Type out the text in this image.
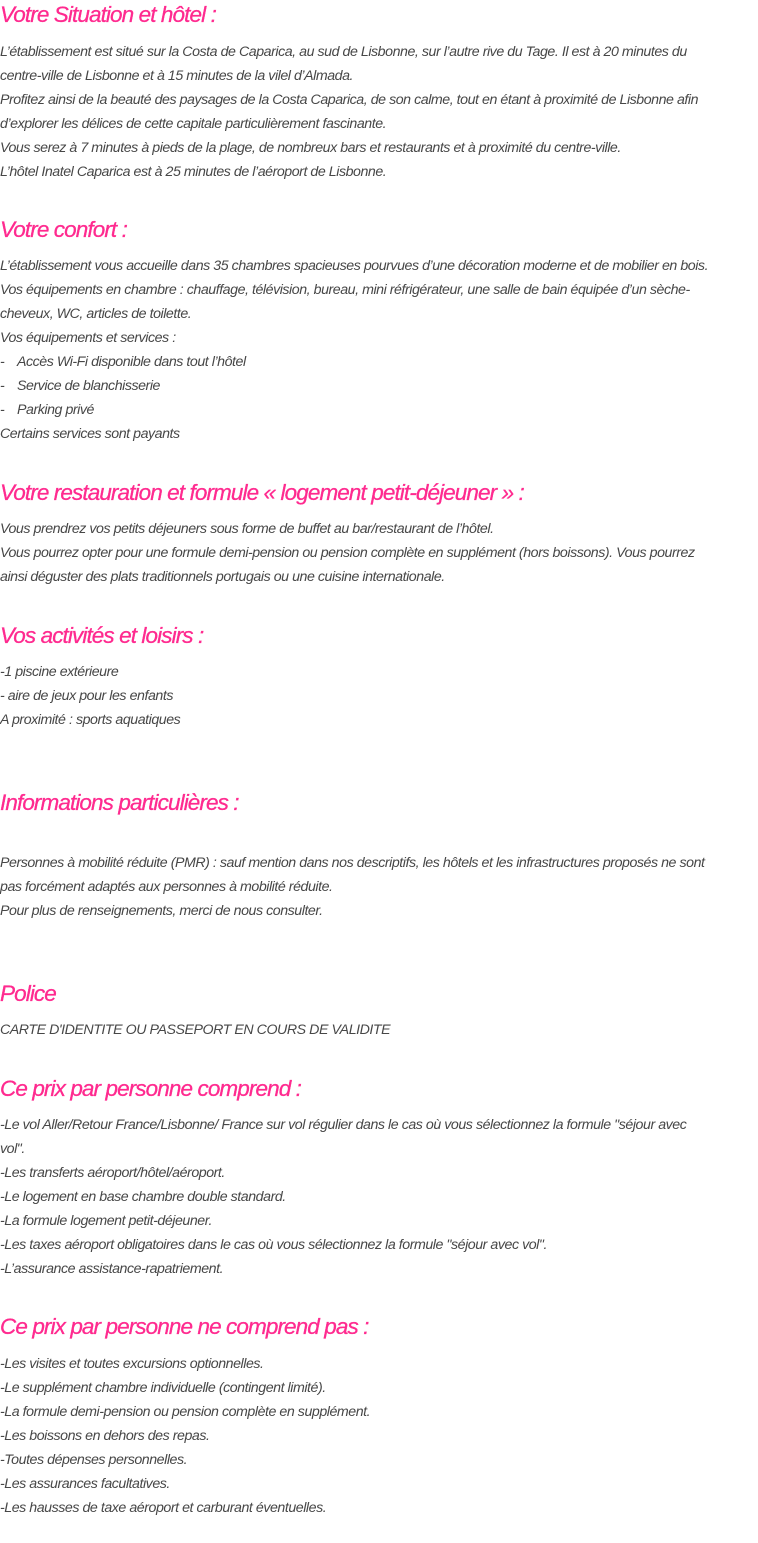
Votre Situation et hôtel :
L’établissement est situé sur la Costa de Caparica, au sud de Lisbonne, sur l’autre rive du Tage. Il est à 20 minutes du
centre-ville de Lisbonne et à 15 minutes de la vilel d’Almada.
Profitez ainsi de la beauté des paysages de la Costa Caparica, de son calme, tout en étant à proximité de Lisbonne afin
d’explorer les délices de cette capitale particulièrement fascinante.
Vous serez à 7 minutes à pieds de la plage, de nombreux bars et restaurants et à proximité du centre-ville.
L’hôtel Inatel Caparica est à 25 minutes de l’aéroport de Lisbonne.
Votre confort :
L’établissement vous accueille dans 35 chambres spacieuses pourvues d’une décoration moderne et de mobilier en bois.
Vos équipements en chambre : chauffage, télévision, bureau, mini réfrigérateur, une salle de bain équipée d’un sèche-
cheveux, WC, articles de toilette.
Vos équipements et services :
- Accès Wi-Fi disponible dans tout l’hôtel
- Service de blanchisserie
- Parking privé
Certains services sont payants
Votre restauration et formule « logement petit-déjeuner » :
Vous prendrez vos petits déjeuners sous forme de buffet au bar/restaurant de l’hôtel.
Vous pourrez opter pour une formule demi-pension ou pension complète en supplément (hors boissons). Vous pourrez
ainsi déguster des plats traditionnels portugais ou une cuisine internationale.
Vos activités et loisirs :
-1 piscine extérieure
- aire de jeux pour les enfants
A proximité : sports aquatiques
Informations particulières :
Personnes à mobilité réduite (PMR) : sauf mention dans nos descriptifs, les hôtels et les infrastructures proposés ne sont
pas forcément adaptés aux personnes à mobilité réduite.
Pour plus de renseignements, merci de nous consulter.
Police
CARTE D'IDENTITE OU PASSEPORT EN COURS DE VALIDITE
Ce prix par personne comprend :
-Le vol Aller/Retour France/Lisbonne/ France sur vol régulier dans le cas où vous sélectionnez la formule "séjour avec
vol".
-Les transferts aéroport/hôtel/aéroport.
-Le logement en base chambre double standard.
-La formule logement petit-déjeuner.
-Les taxes aéroport obligatoires dans le cas où vous sélectionnez la formule "séjour avec vol".
-L’assurance assistance-rapatriement.
Ce prix par personne ne comprend pas :
-Les visites et toutes excursions optionnelles.
-Le supplément chambre individuelle (contingent limité).
-La formule demi-pension ou pension complète en supplément.
-Les boissons en dehors des repas.
-Toutes dépenses personnelles.
-Les assurances facultatives.
-Les hausses de taxe aéroport et carburant éventuelles.
